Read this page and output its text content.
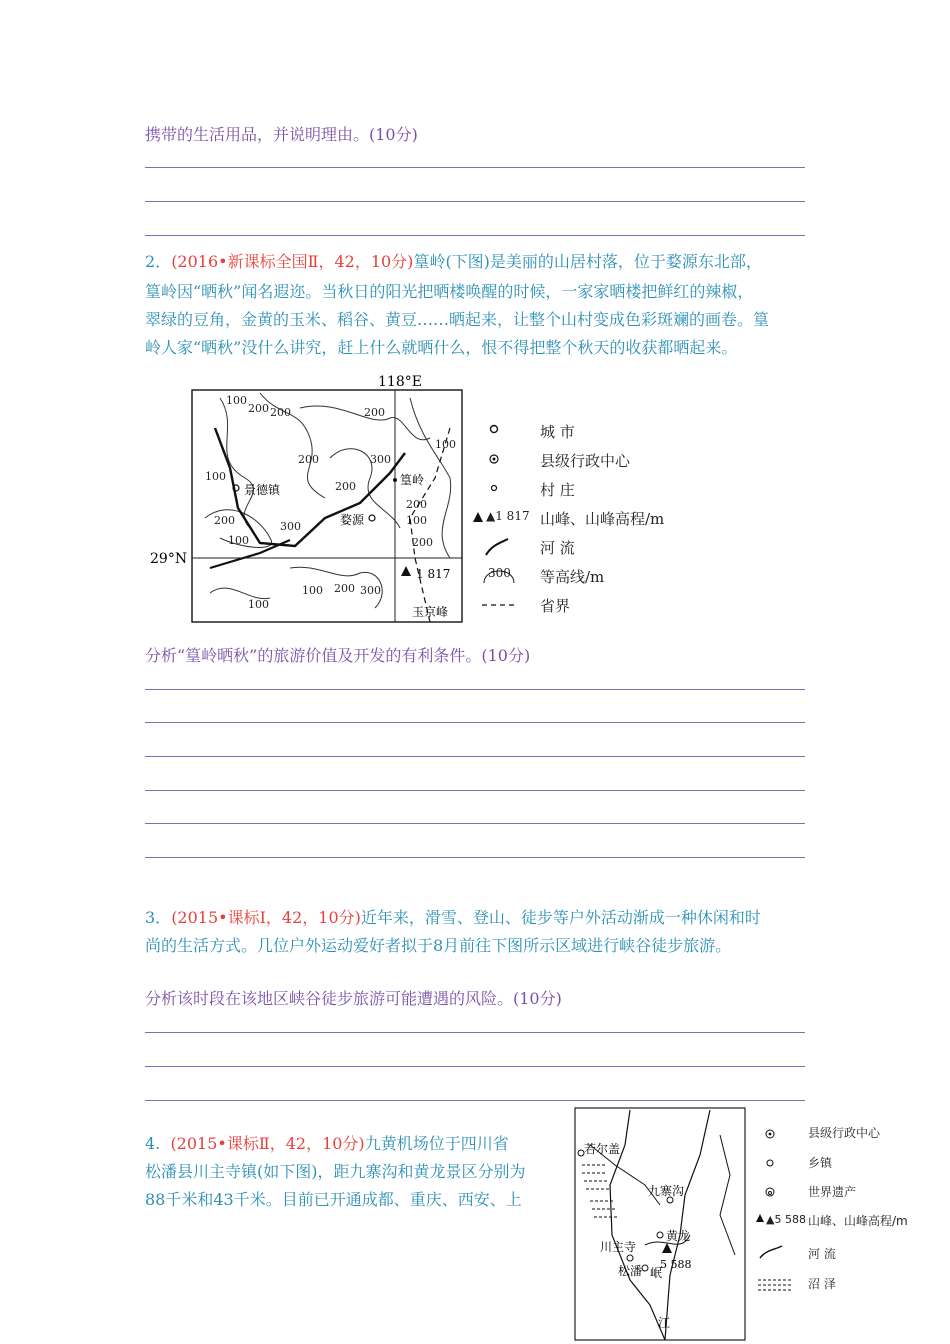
携带的生活用品，并说明理由。(10分)
2．(2016•新课标全国Ⅱ，42，10分)篁岭(下图)是美丽的山居村落，位于婺源东北部，
篁岭因“晒秋”闻名遐迩。当秋日的阳光把晒楼唤醒的时候，一家家晒楼把鲜红的辣椒，
翠绿的豆角，金黄的玉米、稻谷、黄豆……晒起来，让整个山村变成色彩斑斓的画卷。篁
岭人家“晒秋”没什么讲究，赶上什么就晒什么，恨不得把整个秋天的收获都晒起来。
118°E
29°N
100
200 200	200
100
100
200	300
200
200
100
300
200
100
200
100 200 300
100
景德镇
婺源
篁岭
1 817
玉京峰
城 市
县级行政中心
村 庄
▲1 817 山峰、山峰高程/m
河 流
300 等高线/m
省界
分析“篁岭晒秋”的旅游价值及开发的有利条件。(10分)
3．(2015•课标Ⅰ，42，10分)近年来，滑雪、登山、徒步等户外活动渐成一种休闲和时
尚的生活方式。几位户外运动爱好者拟于8月前往下图所示区域进行峡谷徒步旅游。
分析该时段在该地区峡谷徒步旅游可能遭遇的风险。(10分)
4. (2015•课标Ⅱ，42，10分)九黄机场位于四川省
松潘县川主寺镇(如下图)，距九寨沟和黄龙景区分别为
88千米和43千米。目前已开通成都、重庆、西安、上
若尔盖
九寨沟
黄龙
川主寺
松潘 5 588
岷
江
县级行政中心
乡镇
世界遗产
▲5 588 山峰、山峰高程/m
河 流
沼 泽
